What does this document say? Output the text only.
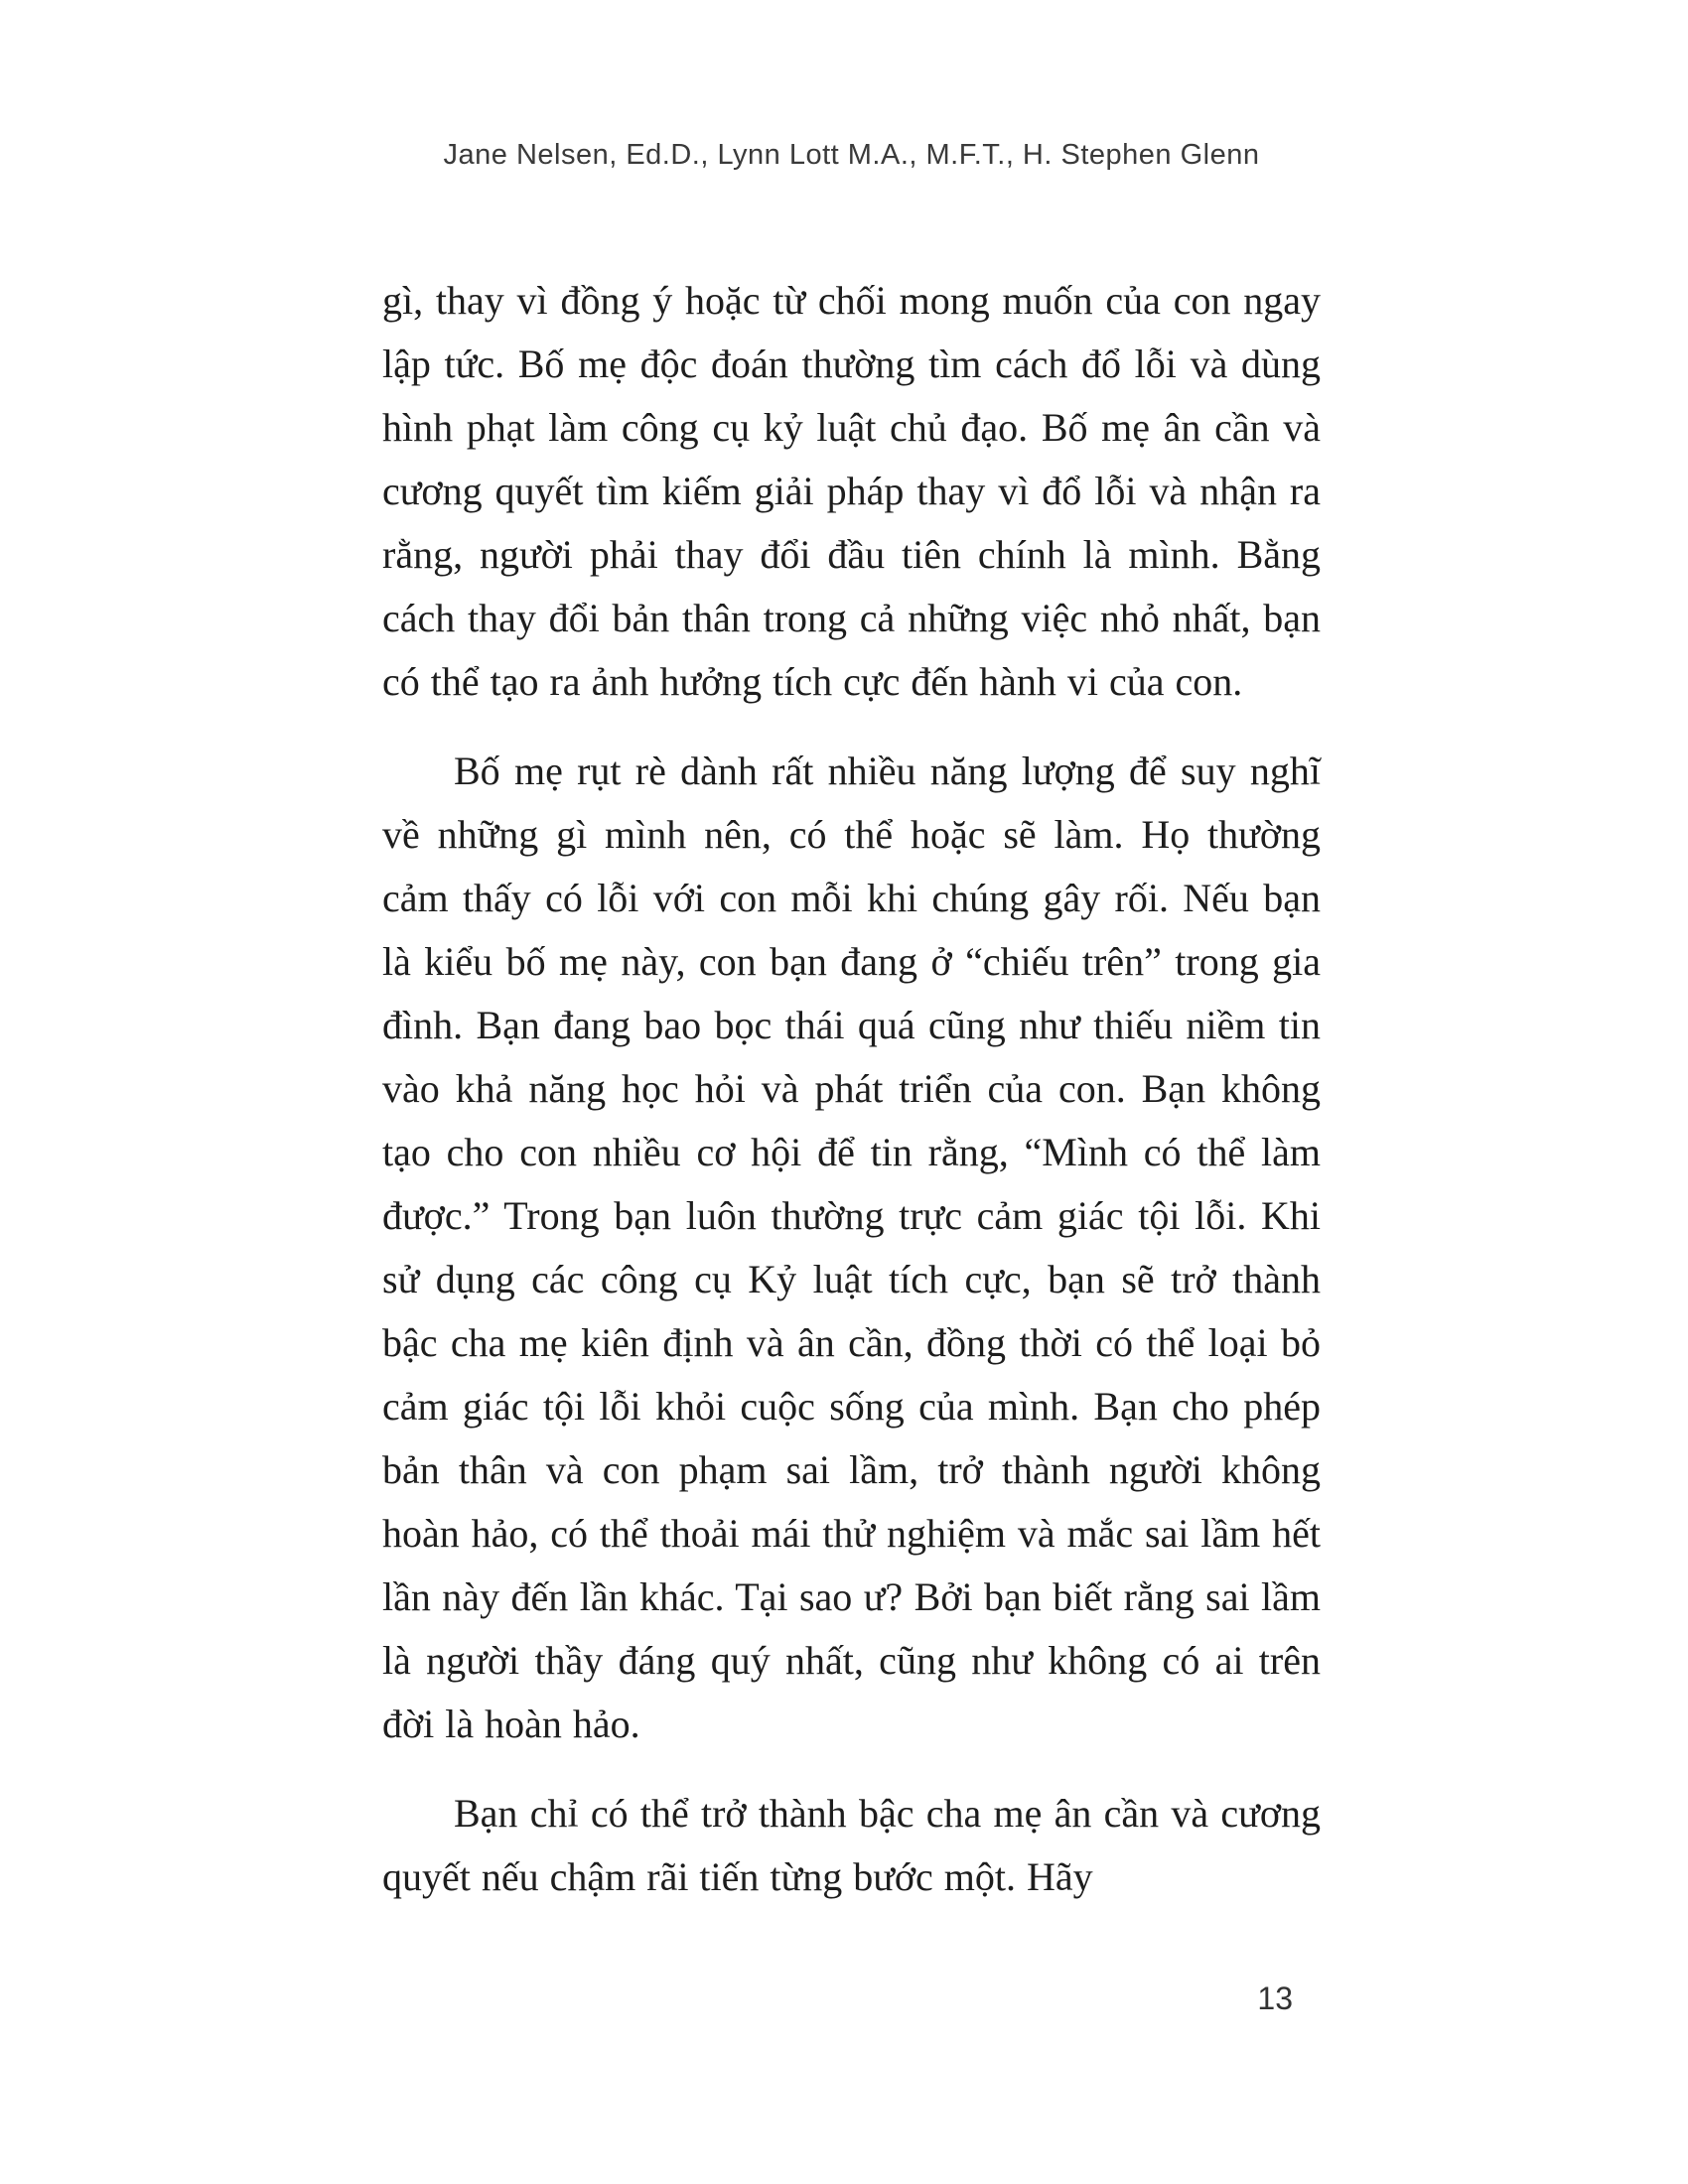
Jane Nelsen, Ed.D., Lynn Lott M.A., M.F.T., H. Stephen Glenn

gì, thay vì đồng ý hoặc từ chối mong muốn của con ngay lập tức. Bố mẹ độc đoán thường tìm cách đổ lỗi và dùng hình phạt làm công cụ kỷ luật chủ đạo. Bố mẹ ân cần và cương quyết tìm kiếm giải pháp thay vì đổ lỗi và nhận ra rằng, người phải thay đổi đầu tiên chính là mình. Bằng cách thay đổi bản thân trong cả những việc nhỏ nhất, bạn có thể tạo ra ảnh hưởng tích cực đến hành vi của con.

Bố mẹ rụt rè dành rất nhiều năng lượng để suy nghĩ về những gì mình nên, có thể hoặc sẽ làm. Họ thường cảm thấy có lỗi với con mỗi khi chúng gây rối. Nếu bạn là kiểu bố mẹ này, con bạn đang ở “chiếu trên” trong gia đình. Bạn đang bao bọc thái quá cũng như thiếu niềm tin vào khả năng học hỏi và phát triển của con. Bạn không tạo cho con nhiều cơ hội để tin rằng, “Mình có thể làm được.” Trong bạn luôn thường trực cảm giác tội lỗi. Khi sử dụng các công cụ Kỷ luật tích cực, bạn sẽ trở thành bậc cha mẹ kiên định và ân cần, đồng thời có thể loại bỏ cảm giác tội lỗi khỏi cuộc sống của mình. Bạn cho phép bản thân và con phạm sai lầm, trở thành người không hoàn hảo, có thể thoải mái thử nghiệm và mắc sai lầm hết lần này đến lần khác. Tại sao ư? Bởi bạn biết rằng sai lầm là người thầy đáng quý nhất, cũng như không có ai trên đời là hoàn hảo.

Bạn chỉ có thể trở thành bậc cha mẹ ân cần và cương quyết nếu chậm rãi tiến từng bước một. Hãy

13
